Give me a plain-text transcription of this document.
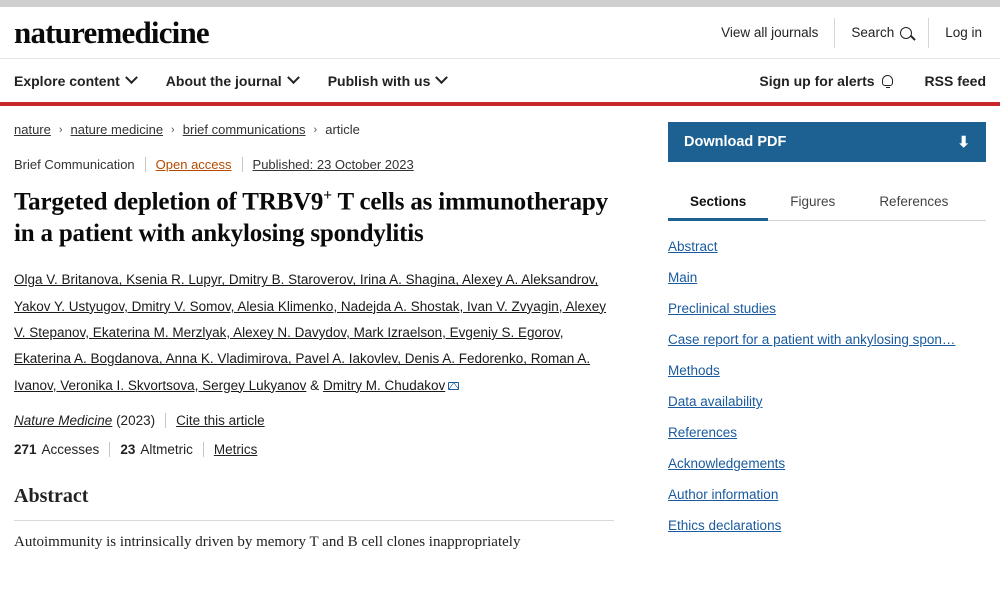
naturemedicine	View all journals Search	Log in
Explore content	About the journal	Publish with us	Sign up for alerts	RSS feed
nature › nature medicine › brief communications › article
Brief Communication	Open access	Published: 23 October 2023
Targeted depletion of TRBV9+ T cells as immunotherapy in a patient with ankylosing spondylitis
Olga V. Britanova, Ksenia R. Lupyr, Dmitry B. Staroverov, Irina A. Shagina, Alexey A. Aleksandrov, Yakov Y. Ustyugov, Dmitry V. Somov, Alesia Klimenko, Nadejda A. Shostak, Ivan V. Zvyagin, Alexey V. Stepanov, Ekaterina M. Merzlyak, Alexey N. Davydov, Mark Izraelson, Evgeniy S. Egorov, Ekaterina A. Bogdanova, Anna K. Vladimirova, Pavel A. Iakovlev, Denis A. Fedorenko, Roman A. Ivanov, Veronika I. Skvortsova, Sergey Lukyanov & Dmitry M. Chudakov
Nature Medicine (2023)	Cite this article
271 Accesses 23 Altmetric	Metrics
Abstract

Autoimmunity is intrinsically driven by memory T and B cell clones inappropriately

Download PDF	⬇
Sections	Figures	References
Abstract
Main
Preclinical studies
Case report for a patient with ankylosing spon…
Methods
Data availability
References
Acknowledgements
Author information
Ethics declarations
